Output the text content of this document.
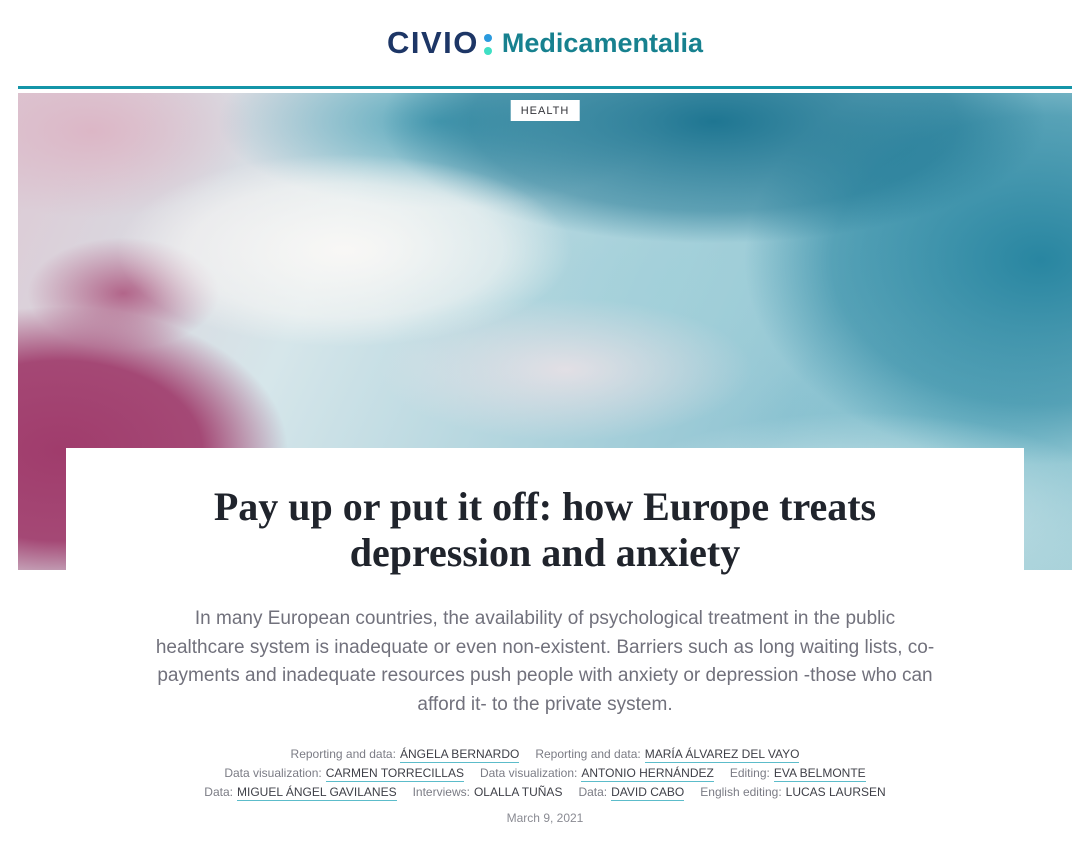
CIVIO Medicamentalia
HEALTH
Pay up or put it off: how Europe treats
depression and anxiety

In many European countries, the availability of psychological treatment in the public healthcare system is inadequate or even non-existent. Barriers such as long waiting lists, co-payments and inadequate resources push people with anxiety or depression -those who can afford it- to the private system.

Reporting and data: ÁNGELA BERNARDO Reporting and data: MARÍA ÁLVAREZ DEL VAYO
Data visualization: CARMEN TORRECILLAS Data visualization: ANTONIO HERNÁNDEZ Editing: EVA BELMONTE
Data: MIGUEL ÁNGEL GAVILANES Interviews: OLALLA TUÑAS Data: DAVID CABO English editing: LUCAS LAURSEN
March 9, 2021
